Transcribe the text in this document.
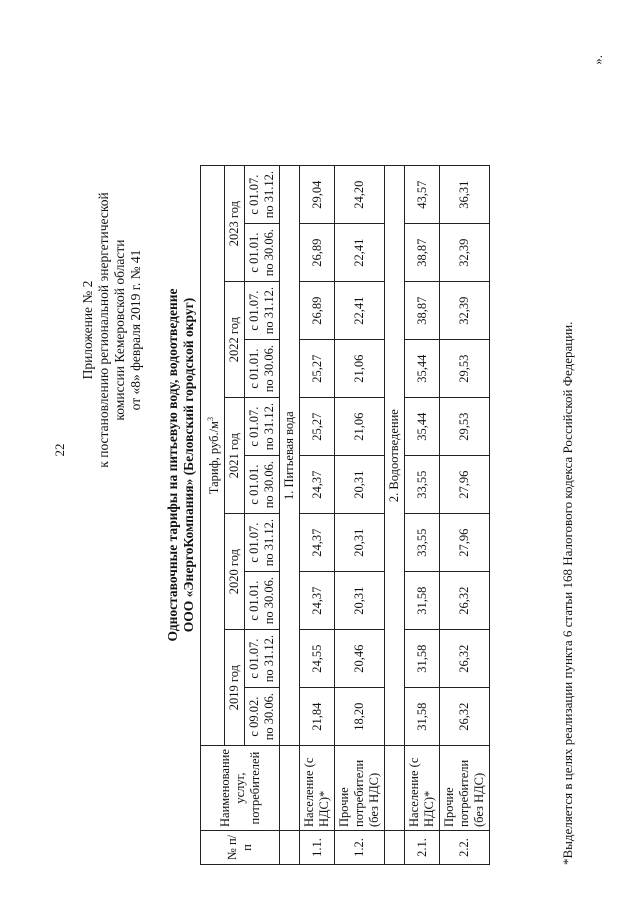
22
Приложение № 2 к постановлению региональной энергетической комиссии Кемеровской области от «8» февраля 2019 г. № 41 Одноставочные тарифы на питьевую воду, водоотведение ООО «ЭнергоКомпания» (Беловский городской округ)
№ п/п	Наименование услуг, потребителей	Тариф, $руб./м^3$
		2019 год		2020 год		2021 год		2022 год		2023 год	
		с 09.02. по 30.06.	с 01.07. по 31.12.	с 01.01. по 30.06.	с 01.07. по 31.12.	с 01.01. по 30.06.	с 01.07. по 31.12.	с 01.01. по 30.06.	с 01.07. по 31.12.	с 01.01. по 30.06.	с 01.07. по 31.12.
		1. Питьевая вода									
1.1.	Население (с НДС)*	21,84	24,55	24,37	24,37	24,37	25,27	25,27	26,89	26,89	29,04
1.2.	Прочие потребители (без НДС)	18,20	20,46	20,31	20,31	20,31	21,06	21,06	22,41	22,41	24,20
		2. Водоотведение									
2.1.	Население (с НДС)*	31,58	31,58	31,58	33,55	33,55	35,44	35,44	38,87	38,87	43,57
2.2.	Прочие потребители (без НДС)	26,32	26,32	26,32	27,96	27,96	29,53	29,53	32,39	32,39	36,31
*Выделяется в целях реализации пункта 6 статьи 168 Налогового кодекса Российской Федерации.
».
